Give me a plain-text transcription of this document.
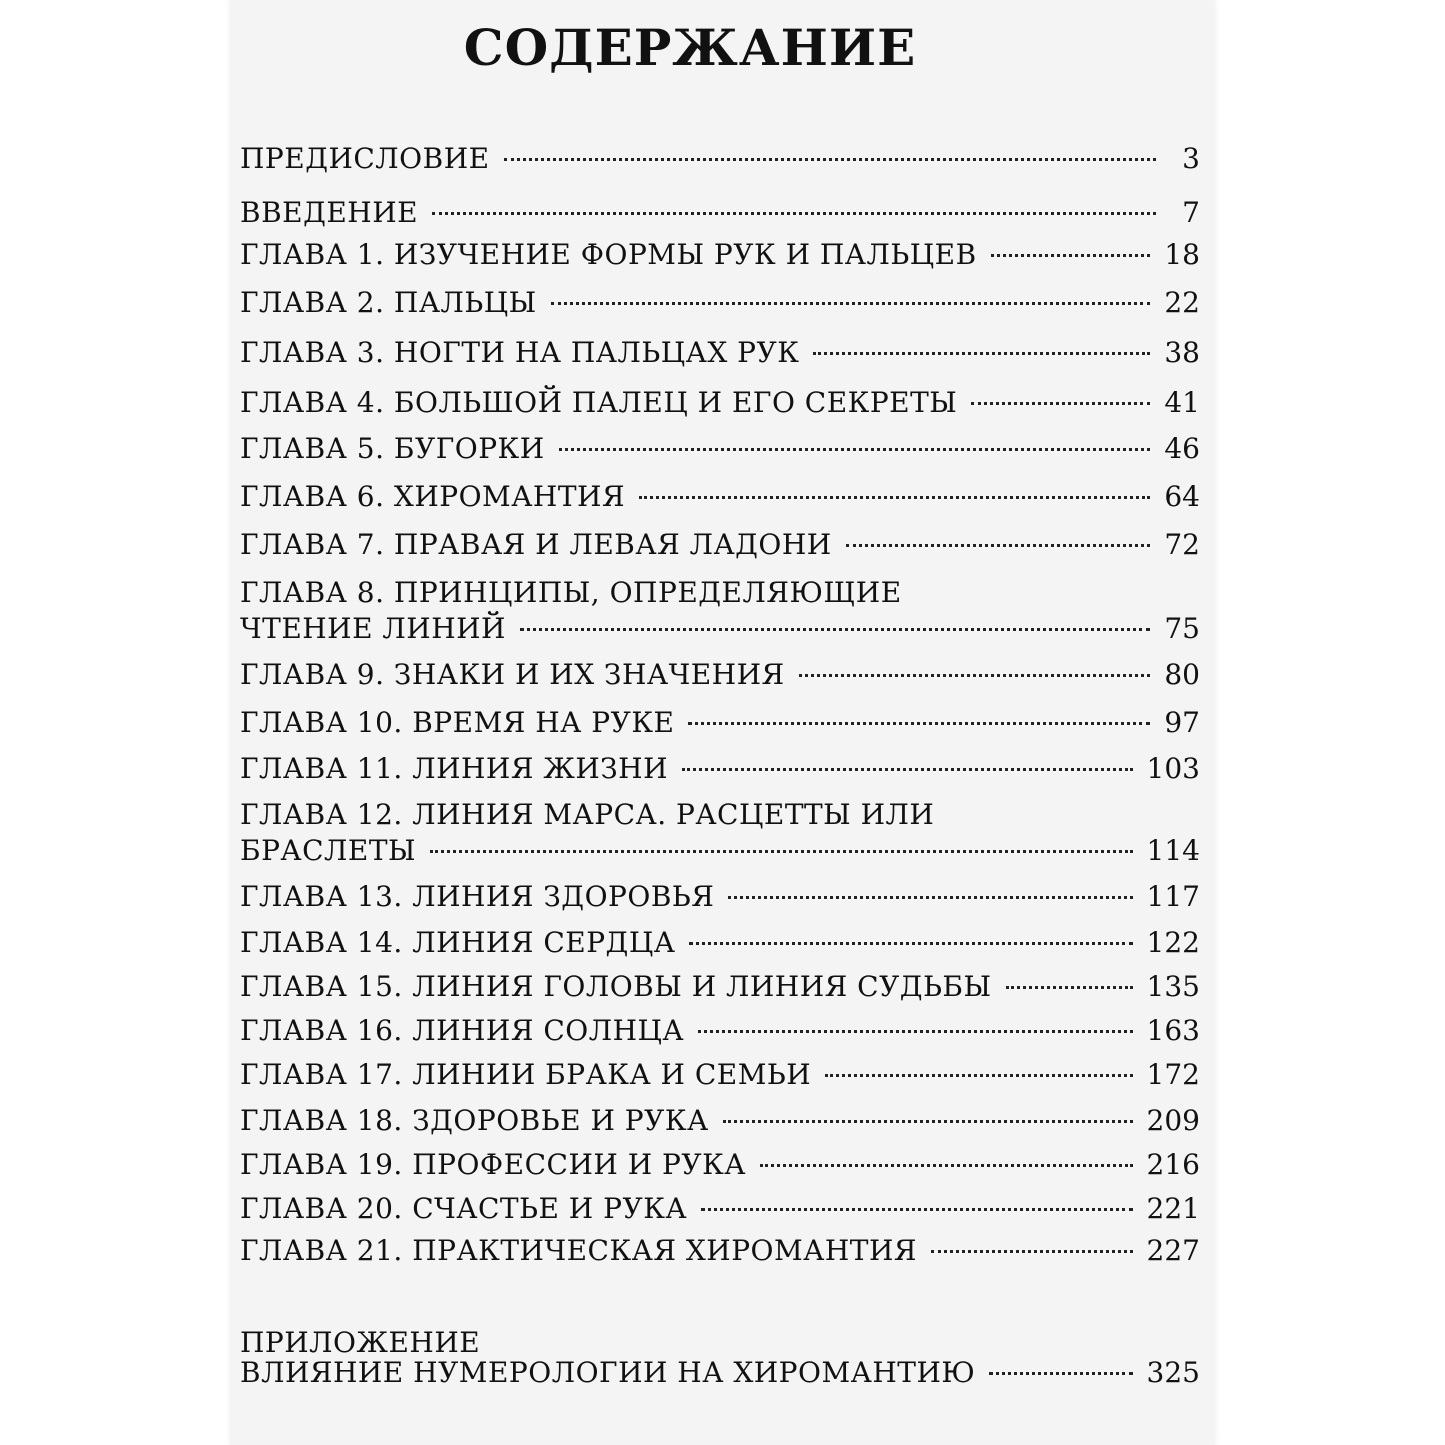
СОДЕРЖАНИЕ
ПРЕДИСЛОВИЕ	3
ВВЕДЕНИЕ	7
ГЛАВА 1. ИЗУЧЕНИЕ ФОРМЫ РУК И ПАЛЬЦЕВ	18
ГЛАВА 2. ПАЛЬЦЫ	22
ГЛАВА 3. НОГТИ НА ПАЛЬЦАХ РУК	38
ГЛАВА 4. БОЛЬШОЙ ПАЛЕЦ И ЕГО СЕКРЕТЫ	41
ГЛАВА 5. БУГОРКИ	46
ГЛАВА 6. ХИРОМАНТИЯ	64
ГЛАВА 7. ПРАВАЯ И ЛЕВАЯ ЛАДОНИ	72
ГЛАВА 8. ПРИНЦИПЫ, ОПРЕДЕЛЯЮЩИЕ
ЧТЕНИЕ ЛИНИЙ	75
ГЛАВА 9. ЗНАКИ И ИХ ЗНАЧЕНИЯ	80
ГЛАВА 10. ВРЕМЯ НА РУКЕ	97
ГЛАВА 11. ЛИНИЯ ЖИЗНИ	103
ГЛАВА 12. ЛИНИЯ МАРСА. РАСЦЕТТЫ ИЛИ
БРАСЛЕТЫ	114
ГЛАВА 13. ЛИНИЯ ЗДОРОВЬЯ	117
ГЛАВА 14. ЛИНИЯ СЕРДЦА	122
ГЛАВА 15. ЛИНИЯ ГОЛОВЫ И ЛИНИЯ СУДЬБЫ	135
ГЛАВА 16. ЛИНИЯ СОЛНЦА	163
ГЛАВА 17. ЛИНИИ БРАКА И СЕМЬИ	172
ГЛАВА 18. ЗДОРОВЬЕ И РУКА	209
ГЛАВА 19. ПРОФЕССИИ И РУКА	216
ГЛАВА 20. СЧАСТЬЕ И РУКА	221
ГЛАВА 21. ПРАКТИЧЕСКАЯ ХИРОМАНТИЯ	227
ПРИЛОЖЕНИЕ
ВЛИЯНИЕ НУМЕРОЛОГИИ НА ХИРОМАНТИЮ	325
